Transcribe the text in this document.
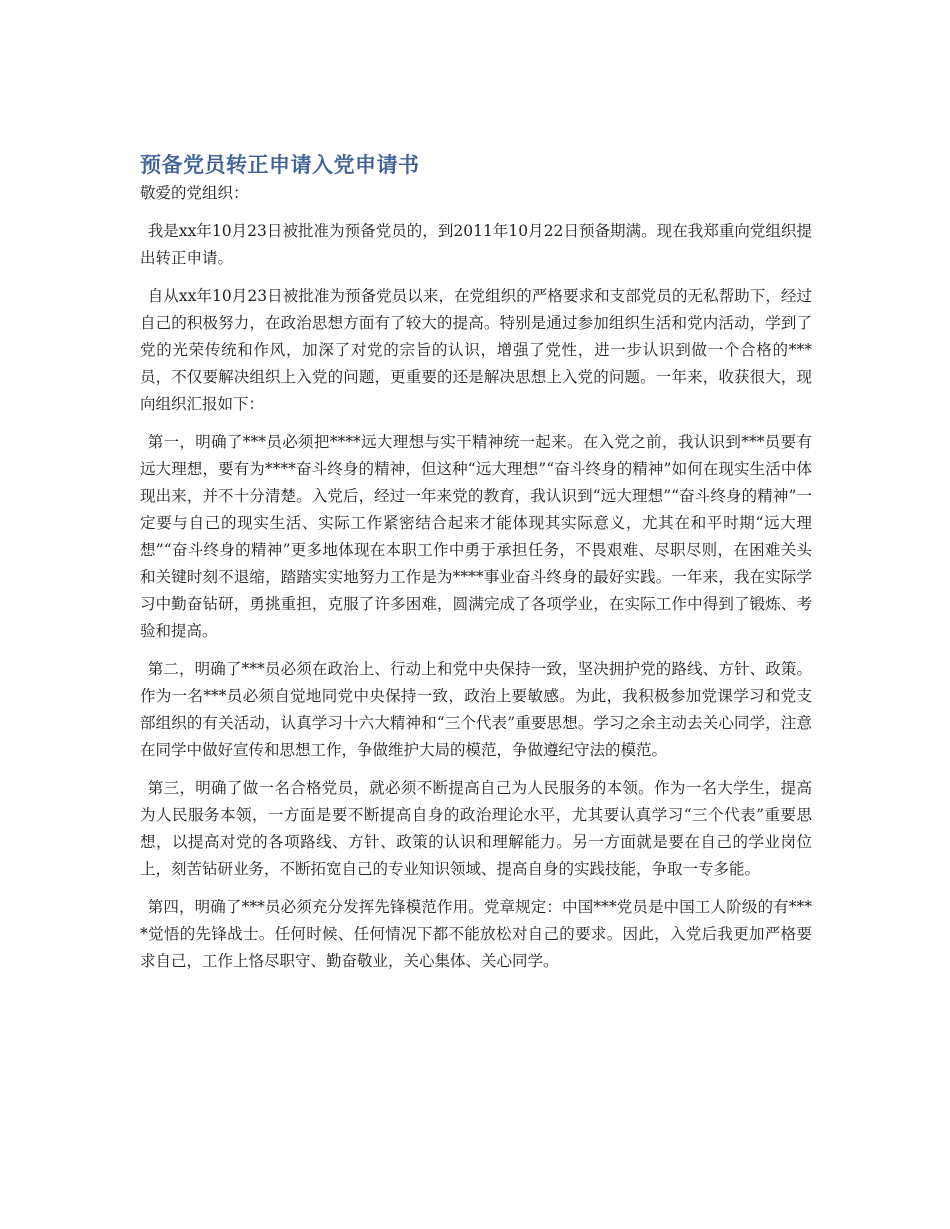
预备党员转正申请入党申请书

敬爱的党组织：

我是xx年10月23日被批准为预备党员的，到2011年10月22日预备期满。现在我郑重向党组织提出转正申请。

自从xx年10月23日被批准为预备党员以来，在党组织的严格要求和支部党员的无私帮助下，经过自己的积极努力，在政治思想方面有了较大的提高。特别是通过参加组织生活和党内活动，学到了党的光荣传统和作风，加深了对党的宗旨的认识，增强了党性，进一步认识到做一个合格的***员，不仅要解决组织上入党的问题，更重要的还是解决思想上入党的问题。一年来，收获很大，现向组织汇报如下：

第一，明确了***员必须把****远大理想与实干精神统一起来。在入党之前，我认识到***员要有远大理想，要有为****奋斗终身的精神，但这种“远大理想”“奋斗终身的精神”如何在现实生活中体现出来，并不十分清楚。入党后，经过一年来党的教育，我认识到“远大理想”“奋斗终身的精神”一定要与自己的现实生活、实际工作紧密结合起来才能体现其实际意义，尤其在和平时期“远大理想”“奋斗终身的精神”更多地体现在本职工作中勇于承担任务，不畏艰难、尽职尽则，在困难关头和关键时刻不退缩，踏踏实实地努力工作是为****事业奋斗终身的最好实践。一年来，我在实际学习中勤奋钻研，勇挑重担，克服了许多困难，圆满完成了各项学业，在实际工作中得到了锻炼、考验和提高。

第二，明确了***员必须在政治上、行动上和党中央保持一致，坚决拥护党的路线、方针、政策。作为一名***员必须自觉地同党中央保持一致，政治上要敏感。为此，我积极参加党课学习和党支部组织的有关活动，认真学习十六大精神和“三个代表”重要思想。学习之余主动去关心同学，注意在同学中做好宣传和思想工作，争做维护大局的模范，争做遵纪守法的模范。

第三，明确了做一名合格党员，就必须不断提高自己为人民服务的本领。作为一名大学生，提高为人民服务本领，一方面是要不断提高自身的政治理论水平，尤其要认真学习“三个代表”重要思想，以提高对党的各项路线、方针、政策的认识和理解能力。另一方面就是要在自己的学业岗位上，刻苦钻研业务，不断拓宽自己的专业知识领域、提高自身的实践技能，争取一专多能。

第四，明确了***员必须充分发挥先锋模范作用。党章规定：中国***党员是中国工人阶级的有****觉悟的先锋战士。任何时候、任何情况下都不能放松对自己的要求。因此，入党后我更加严格要求自己，工作上恪尽职守、勤奋敬业，关心集体、关心同学。
